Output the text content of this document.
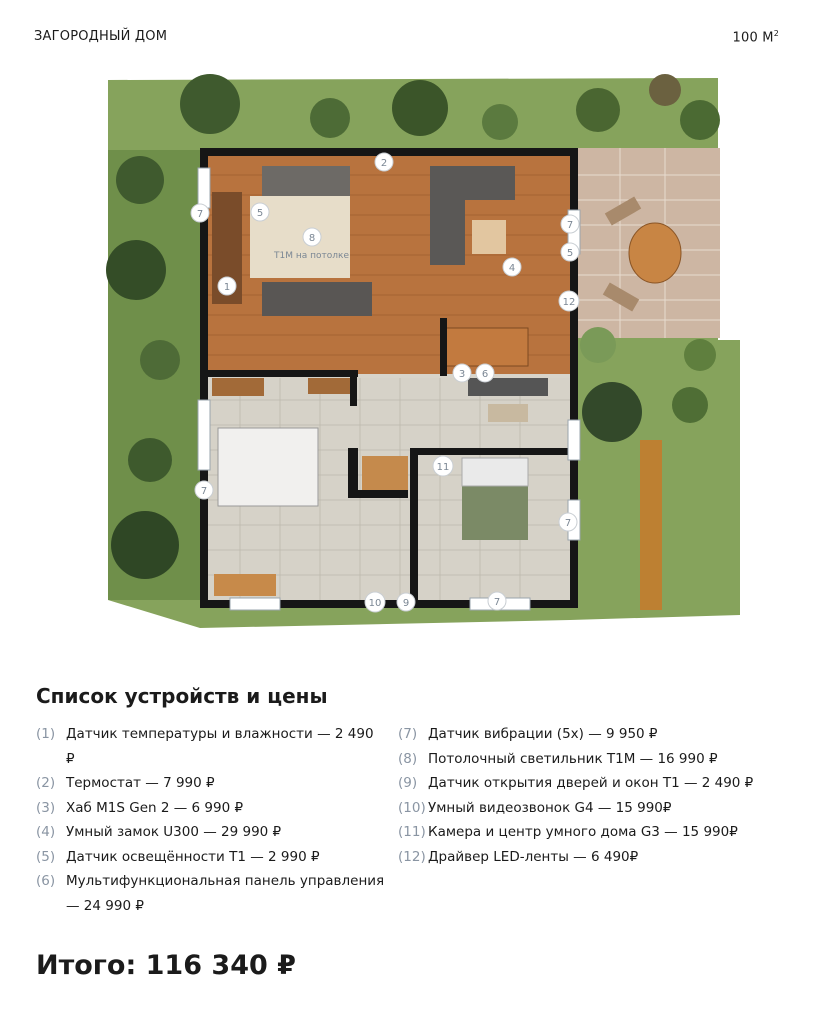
ЗАГОРОДНЫЙ ДОМ	100 $М^2$
T1M на потолке
1
2
3
4
5
5
6
7
7
7
7
7
8
9
10
11
12
Список устройств и цены
(1) Датчик температуры и влажности — 2 490 ₽
(2) Термостат — 7 990 ₽
(3) Хаб M1S Gen 2 — 6 990 ₽
(4) Умный замок U300 — 29 990 ₽
(5) Датчик освещённости T1 — 2 990 ₽
(6) Мультифункциональная панель управления — 24 990 ₽
(7) Датчик вибрации (5х) — 9 950 ₽
(8) Потолочный светильник T1M — 16 990 ₽
(9) Датчик открытия дверей и окон T1 — 2 490 ₽
(10) Умный видеозвонок G4 — 15 990₽
(11) Камера и центр умного дома G3 — 15 990₽
(12) Драйвер LED-ленты — 6 490₽
Итого: 116 340 ₽
